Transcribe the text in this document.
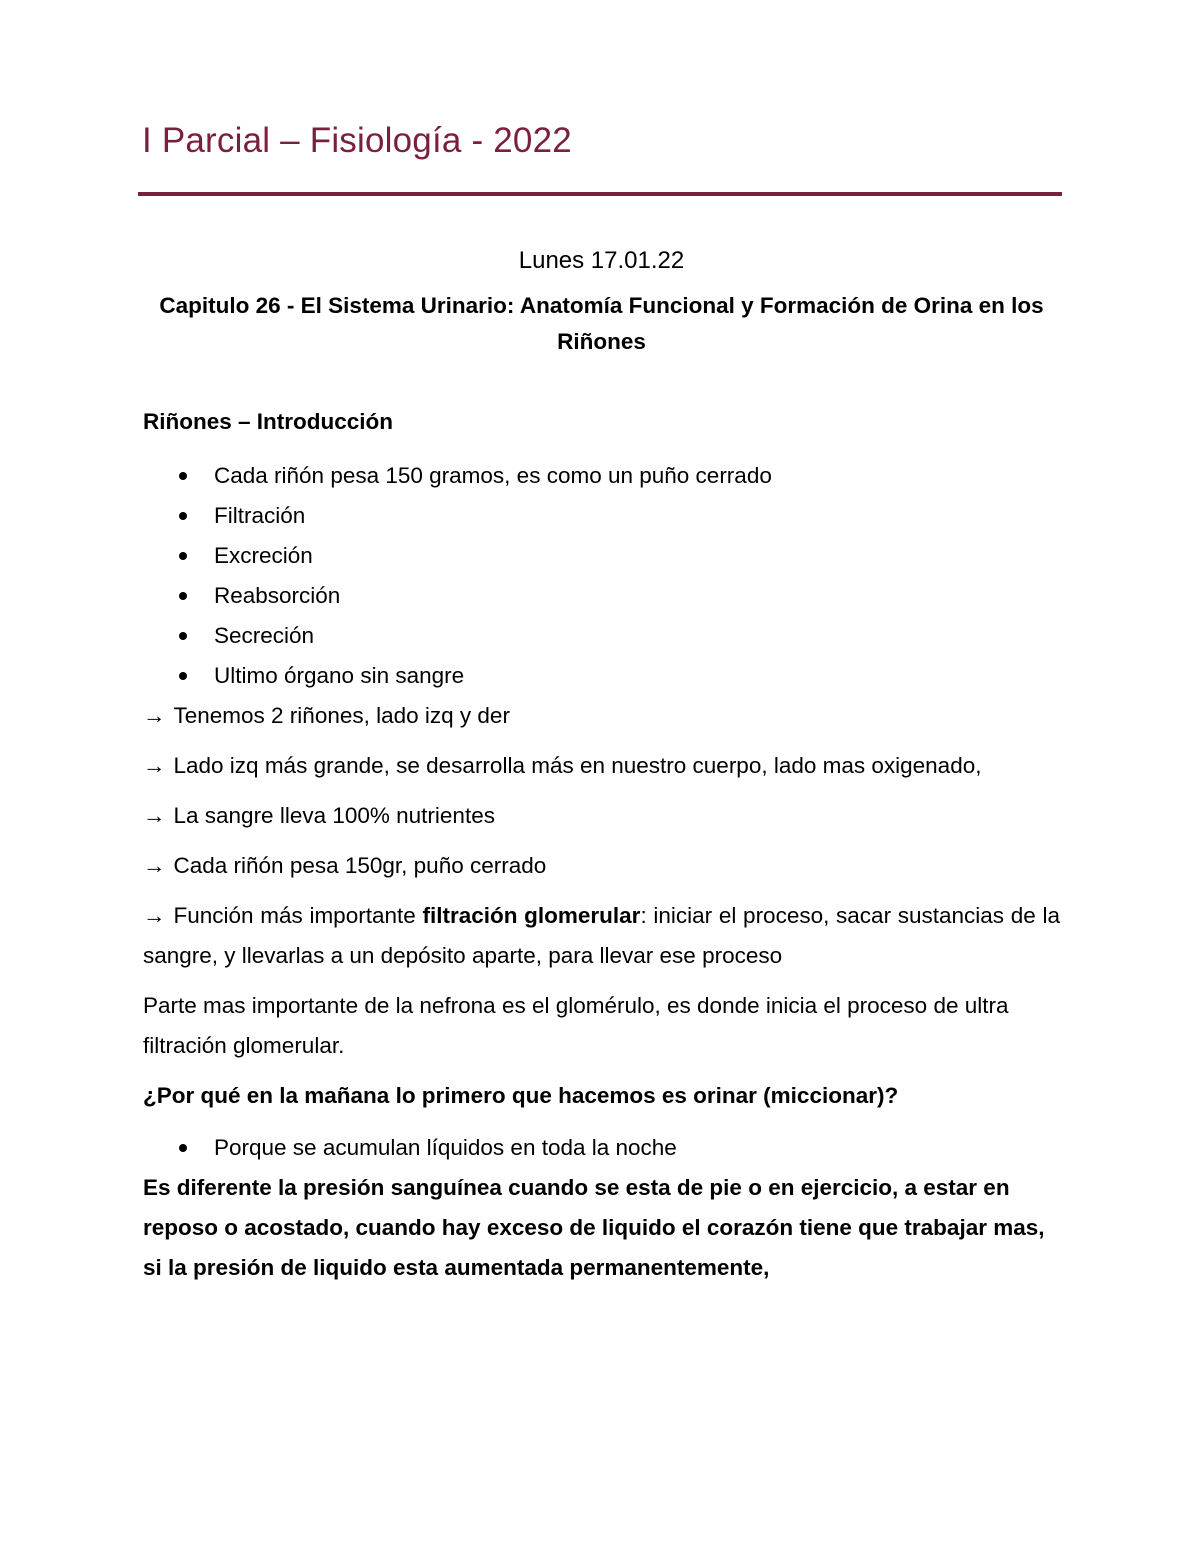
I Parcial – Fisiología - 2022
Lunes 17.01.22
Capitulo 26 - El Sistema Urinario: Anatomía Funcional y Formación de Orina en los Riñones
Riñones – Introducción
Cada riñón pesa 150 gramos, es como un puño cerrado
Filtración
Excreción
Reabsorción
Secreción
Ultimo órgano sin sangre
→ Tenemos 2 riñones, lado izq y der
→ Lado izq más grande, se desarrolla más en nuestro cuerpo, lado mas oxigenado,
→ La sangre lleva 100% nutrientes
→ Cada riñón pesa 150gr, puño cerrado
→ Función más importante filtración glomerular: iniciar el proceso, sacar sustancias de la sangre, y llevarlas a un depósito aparte, para llevar ese proceso
Parte mas importante de la nefrona es el glomérulo, es donde inicia el proceso de ultra filtración glomerular.
¿Por qué en la mañana lo primero que hacemos es orinar (miccionar)?
Porque se acumulan líquidos en toda la noche
Es diferente la presión sanguínea cuando se esta de pie o en ejercicio, a estar en reposo o acostado, cuando hay exceso de liquido el corazón tiene que trabajar mas, si la presión de liquido esta aumentada permanentemente,
